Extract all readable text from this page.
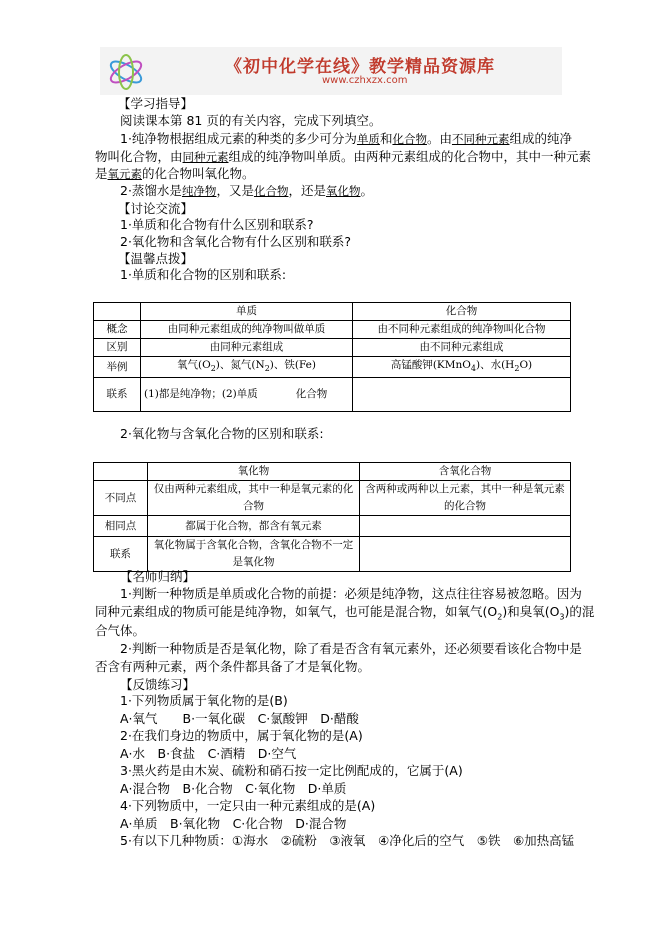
《初中化学在线》教学精品资源库
www.czhxzx.com
【学习指导】
阅读课本第 81 页的有关内容，完成下列填空。
1·纯净物根据组成元素的种类的多少可分为单质和化合物。由不同种元素组成的纯净
物叫化合物，由同种元素组成的纯净物叫单质。由两种元素组成的化合物中，其中一种元素
是氧元素的化合物叫氧化物。
2·蒸馏水是纯净物，又是化合物，还是氧化物。
【讨论交流】
1·单质和化合物有什么区别和联系?
2·氧化物和含氧化合物有什么区别和联系?
【温馨点拨】
1·单质和化合物的区别和联系:
	单质	化合物
概念	由同种元素组成的纯净物叫做单质	由不同种元素组成的纯净物叫化合物
区别	由同种元素组成	由不同种元素组成
举例	氧气$(O_2)$、氮气$(N_2)$、铁(Fe)	高锰酸钾(KMnO$_4$)、水$(H_2O)$
联系	(1)都是纯净物；(2)单质 化合物	
2·氧化物与含氧化合物的区别和联系:
	氧化物	含氧化合物
不同点	仅由两种元素组成，其中一种是氧元素的化合物	含两种或两种以上元素，其中一种是氧元素的化合物
相同点	都属于化合物，都含有氧元素	
联系	氧化物属于含氧化合物，含氧化合物不一定是氧化物	
【名师归纳】
1·判断一种物质是单质或化合物的前提：必须是纯净物，这点往往容易被忽略。因为
同种元素组成的物质可能是纯净物，如氧气，也可能是混合物，如氧气$(O_2)$和臭氧$(O_3)$的混
合气体。
2·判断一种物质是否是氧化物，除了看是否含有氧元素外，还必须要看该化合物中是
否含有两种元素，两个条件都具备了才是氧化物。
【反馈练习】
1·下列物质属于氧化物的是(B)
A·氧气　　B·一氧化碳　C·氯酸钾　D·醋酸
2·在我们身边的物质中，属于氧化物的是(A)
A·水　B·食盐　C·酒精　D·空气
3·黑火药是由木炭、硫粉和硝石按一定比例配成的，它属于(A)
A·混合物　B·化合物　C·氧化物　D·单质
4·下列物质中，一定只由一种元素组成的是(A)
A·单质　B·氧化物　C·化合物　D·混合物
5·有以下几种物质：①海水　②硫粉　③液氧　④净化后的空气　⑤铁　⑥加热高锰
